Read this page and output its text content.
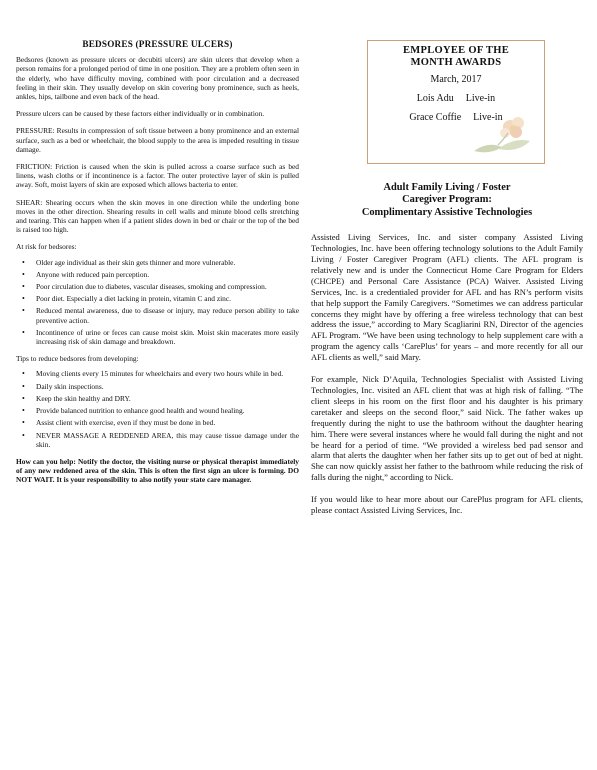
BEDSORES (PRESSURE ULCERS)

Bedsores (known as pressure ulcers or decubiti ulcers) are skin ulcers that develop when a person remains for a prolonged period of time in one position. They are a problem often seen in the elderly, who have difficulty moving, combined with poor circulation and a decreased feeling in their skin. They usually develop on skin covering bony prominence, such as heels, ankles, hips, tailbone and even back of the head.

Pressure ulcers can be caused by these factors either individually or in combination.

PRESSURE: Results in compression of soft tissue between a bony prominence and an external surface, such as a bed or wheelchair, the blood supply to the area is impeded resulting in tissue damage.

FRICTION: Friction is caused when the skin is pulled across a coarse surface such as bed linens, wash cloths or if incontinence is a factor. The outer protective layer of skin is pulled away. Soft, moist layers of skin are exposed which allows bacteria to enter.

SHEAR: Shearing occurs when the skin moves in one direction while the underling bone moves in the other direction. Shearing results in cell walls and minute blood cells stretching and tearing. This can happen when if a patient slides down in bed or chair or the top of the bed is raised too high.

At risk for bedsores:

• Older age individual as their skin gets thinner and more vulnerable.
• Anyone with reduced pain perception.
• Poor circulation due to diabetes, vascular diseases, smoking and compression.
• Poor diet. Especially a diet lacking in protein, vitamin C and zinc.
• Reduced mental awareness, due to disease or injury, may reduce person ability to take preventive action.
• Incontinence of urine or feces can cause moist skin. Moist skin macerates more easily increasing risk of skin damage and breakdown.

Tips to reduce bedsores from developing:

• Moving clients every 15 minutes for wheelchairs and every two hours while in bed.
• Daily skin inspections.
• Keep the skin healthy and DRY.
• Provide balanced nutrition to enhance good health and wound healing.
• Assist client with exercise, even if they must be done in bed.
• NEVER MASSAGE A REDDENED AREA, this may cause tissue damage under the skin.

How can you help: Notify the doctor, the visiting nurse or physical therapist immediately of any new reddened area of the skin. This is often the first sign an ulcer is forming. DO NOT WAIT. It is your responsibility to also notify your state care manager.

EMPLOYEE OF THE
MONTH AWARDS
March, 2017
Lois Adu Live-in
Grace Coffie Live-in
Adult Family Living / Foster
Caregiver Program:
Complimentary Assistive Technologies

Assisted Living Services, Inc. and sister company Assisted Living Technologies, Inc. have been offering technology solutions to the Adult Family Living / Foster Caregiver Program (AFL) clients. The AFL program is relatively new and is under the Connecticut Home Care Program for Elders (CHCPE) and Personal Care Assistance (PCA) Waiver. Assisted Living Services, Inc. is a credentialed provider for AFL and has RN’s perform visits that help support the Family Caregivers. “Sometimes we can address particular concerns they might have by offering a free wireless technology that can best address the issue,” according to Mary Scagliarini RN, Director of the agencies AFL Program. “We have been using technology to help supplement care with a program the agency calls ‘CarePlus’ for years – and more recently for all our AFL clients as well,” said Mary.

For example, Nick D’Aquila, Technologies Specialist with Assisted Living Technologies, Inc. visited an AFL client that was at high risk of falling. “The client sleeps in his room on the first floor and his daughter is his primary caretaker and sleeps on the second floor,” said Nick. The father wakes up frequently during the night to use the bathroom without the daughter hearing him. There were several instances where he would fall during the night and not be heard for a period of time. “We provided a wireless bed pad sensor and alarm that alerts the daughter when her father sits up to get out of bed at night. She can now quickly assist her father to the bathroom while reducing the risk of falls during the night,” according to Nick.

If you would like to hear more about our CarePlus program for AFL clients, please contact Assisted Living Services, Inc.
